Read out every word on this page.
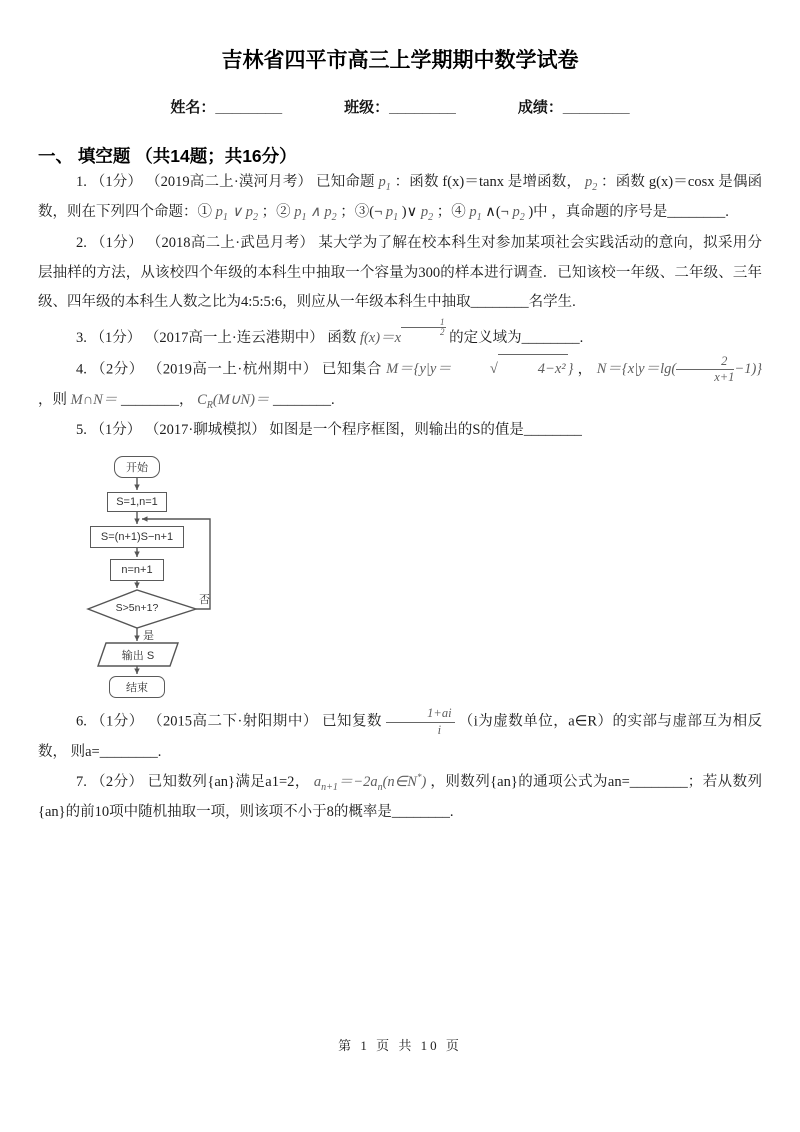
吉林省四平市高三上学期期中数学试卷
姓名：________	班级：________	成绩：________
一、 填空题 （共14题；共16分）

1. （1分） （2019高二上·漠河月考） 已知命题 $p_1$ ：函数 f(x)＝tanx 是增函数， $p_2$ ：函数 g(x)＝cosx 是偶函数，则在下列四个命题：① $p_1$ ∨ $p_2$ ；② $p_1$ ∧ $p_2$ ；③(¬ $p_1$ )∨ $p_2$ ；④ $p_1$ ∧(¬ $p_2$ )中 ，真命题的序号是________.

2. （1分） （2018高二上·武邑月考） 某大学为了解在校本科生对参加某项社会实践活动的意向，拟采用分层抽样的方法，从该校四个年级的本科生中抽取一个容量为300的样本进行调查．已知该校一年级、二年级、三年级、四年级的本科生人数之比为4:5:5:6，则应从一年级本科生中抽取________名学生.

3. （1分） （2017高一上·连云港期中） 函数 f(x)＝x
$\frac{1}{2}$
的定义域为________.

4. （2分） （2019高一上·杭州期中） 已知集合 M＝{y|y＝	√	4−x² } ， $N=\{x|y=\lg( \frac{2}{x+1} -1)\}$ ，则 M∩N＝ ________， $C_R(M\cup N)=$ ________.

5. （1分） （2017·聊城模拟） 如图是一个程序框图，则输出的S的值是________

开始
S=1,n=1
S=(n+1)S−n+1
n=n+1
S>5n+1?
否
是
输出 S
结束

6. （1分） （2015高二下·射阳期中） 已知复数 $\frac{1+ai}{i} (i$为虚数单位，a∈R）的实部与虚部互为相反数， 则a=________.

7. （2分） 已知数列{an}满足a1=2， $a_{n+1}=-2a_n(n\in N^*)$ ，则数列{an}的通项公式为an=________；若从数列{an}的前10项中随机抽取一项，则该项不小于8的概率是________.

第 1 页 共 10 页
